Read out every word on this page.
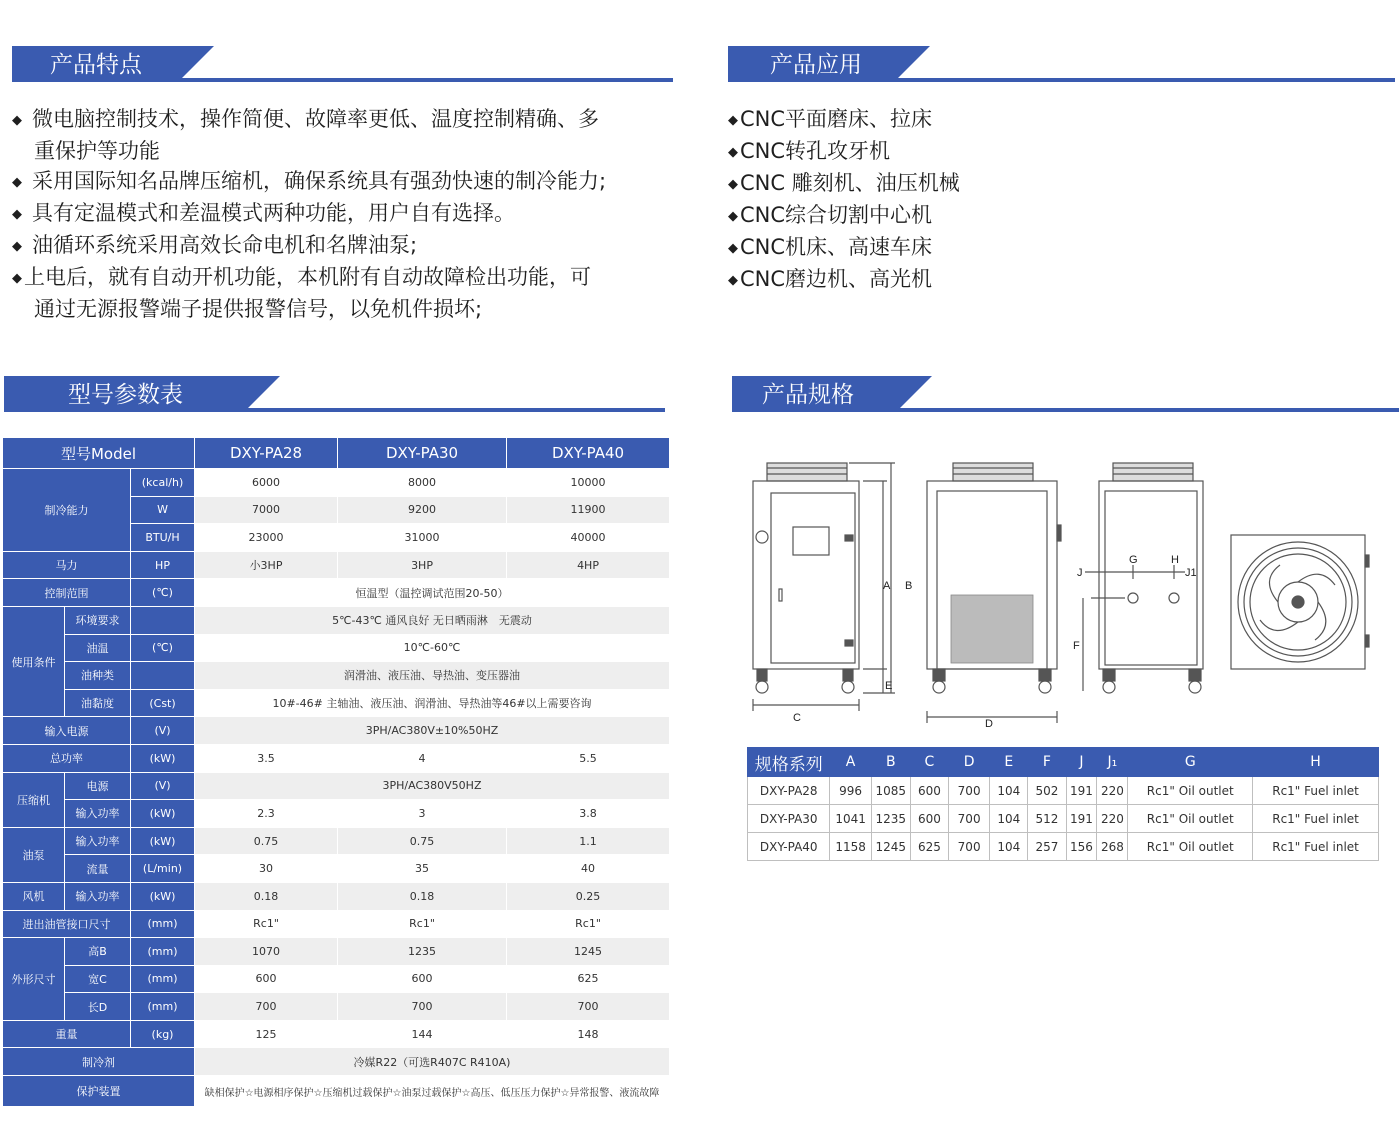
产品特点
◆ 微电脑控制技术，操作简便、故障率更低、温度控制精确、多
重保护等功能
◆ 采用国际知名品牌压缩机，确保系统具有强劲快速的制冷能力;
◆ 具有定温模式和差温模式两种功能，用户自有选择。
◆ 油循环系统采用高效长命电机和名牌油泵;
◆上电后，就有自动开机功能，本机附有自动故障检出功能，可
通过无源报警端子提供报警信号，以免机件损坏;
产品应用
◆CNC平面磨床、拉床
◆CNC转孔攻牙机
◆CNC 雕刻机、油压机械
◆CNC综合切割中心机
◆CNC机床、高速车床
◆CNC磨边机、高光机
型号参数表
型号Model			DXY-PA28	DXY-PA30	DXY-PA40
制冷能力		(kcal/h)	6000	8000	10000
		W	7000	9200	11900
		BTU/H	23000	31000	40000
马力		HP	小3HP	3HP	4HP
控制范围		(℃)	恒温型（温控调试范围20-50）		
使用条件	环境要求		5℃-43℃ 通风良好 无日晒雨淋　无震动		
	油温	(℃)	10℃-60℃		
	油种类		润滑油、液压油、导热油、变压器油		
	油黏度	(Cst)	10#-46# 主轴油、液压油、润滑油、导热油等46#以上需要咨询		
输入电源		(V)	3PH/AC380V±10%50HZ		
总功率		(kW)	3.5	4	5.5
压缩机	电源	(V)	3PH/AC380V50HZ		
	输入功率	(kW)	2.3	3	3.8
油泵	输入功率	(kW)	0.75	0.75	1.1
	流量	(L/min)	30	35	40
风机	输入功率	(kW)	0.18	0.18	0.25
进出油管接口尺寸		(mm)	Rc1"	Rc1"	Rc1"
外形尺寸	高B	(mm)	1070	1235	1245
	宽C	(mm)	600	600	625
	长D	(mm)	700	700	700
重量		(kg)	125	144	148
制冷剂			冷媒R22（可选R407C R410A)		
保护装置			缺相保护☆电源相序保护☆压缩机过载保护☆油泵过载保护☆高压、低压压力保护☆异常报警、液流故障		
产品规格
A B
C	D
E
F
G	H
J	J1
规格系列	A	B	C	D	E	F	J	J₁	G	H
DXY-PA28	996	1085	600	700	104	502	191	220	Rc1" Oil outlet	Rc1" Fuel inlet
DXY-PA30	1041	1235	600	700	104	512	191	220	Rc1" Oil outlet	Rc1" Fuel inlet
DXY-PA40	1158	1245	625	700	104	257	156	268	Rc1" Oil outlet	Rc1" Fuel inlet
